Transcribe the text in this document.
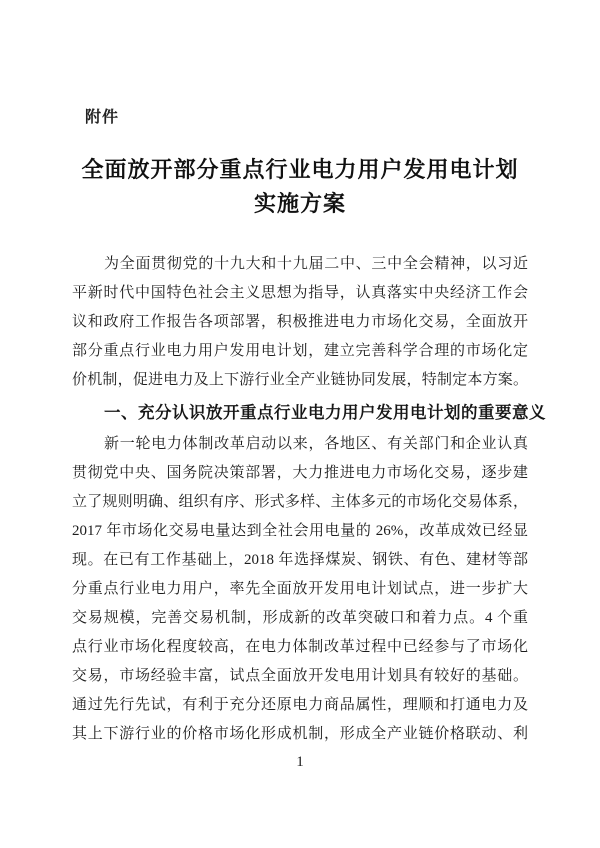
附件
全面放开部分重点行业电力用户发用电计划
实施方案
为全面贯彻党的十九大和十九届二中、三中全会精神，以习近
平新时代中国特色社会主义思想为指导，认真落实中央经济工作会
议和政府工作报告各项部署，积极推进电力市场化交易，全面放开
部分重点行业电力用户发用电计划，建立完善科学合理的市场化定
价机制，促进电力及上下游行业全产业链协同发展，特制定本方案。
一、充分认识放开重点行业电力用户发用电计划的重要意义
新一轮电力体制改革启动以来，各地区、有关部门和企业认真
贯彻党中央、国务院决策部署，大力推进电力市场化交易，逐步建
立了规则明确、组织有序、形式多样、主体多元的市场化交易体系，
2017 年市场化交易电量达到全社会用电量的 26%，改革成效已经显
现。在已有工作基础上，2018 年选择煤炭、钢铁、有色、建材等部
分重点行业电力用户，率先全面放开发用电计划试点，进一步扩大
交易规模，完善交易机制，形成新的改革突破口和着力点。4 个重
点行业市场化程度较高，在电力体制改革过程中已经参与了市场化
交易，市场经验丰富，试点全面放开发电用计划具有较好的基础。
通过先行先试，有利于充分还原电力商品属性，理顺和打通电力及
其上下游行业的价格市场化形成机制，形成全产业链价格联动、利
1
